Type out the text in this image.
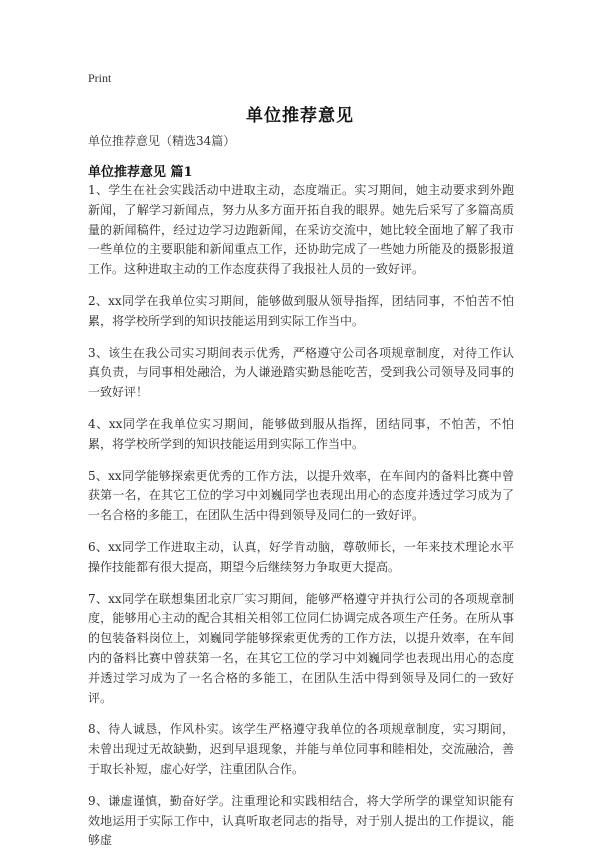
Print
单位推荐意见
单位推荐意见（精选34篇）
单位推荐意见 篇1

1、学生在社会实践活动中进取主动，态度端正。实习期间，她主动要求到外跑新闻，了解学习新闻点，努力从多方面开拓自我的眼界。她先后采写了多篇高质量的新闻稿件，经过边学习边跑新闻，在采访交流中，她比较全面地了解了我市一些单位的主要职能和新闻重点工作，还协助完成了一些她力所能及的摄影报道工作。这种进取主动的工作态度获得了我报社人员的一致好评。

2、xx同学在我单位实习期间，能够做到服从领导指挥，团结同事，不怕苦不怕累，将学校所学到的知识技能运用到实际工作当中。

3、该生在我公司实习期间表示优秀，严格遵守公司各项规章制度，对待工作认真负责，与同事相处融洽，为人谦逊踏实勤恳能吃苦，受到我公司领导及同事的一致好评！

4、xx同学在我单位实习期间，能够做到服从指挥，团结同事，不怕苦，不怕累，将学校所学到的知识技能运用到实际工作当中。

5、xx同学能够探索更优秀的工作方法，以提升效率，在车间内的备料比赛中曾获第一名，在其它工位的学习中刘巍同学也表现出用心的态度并透过学习成为了一名合格的多能工，在团队生活中得到领导及同仁的一致好评。

6、xx同学工作进取主动，认真，好学肯动脑，尊敬师长，一年来技术理论水平操作技能都有很大提高，期望今后继续努力争取更大提高。

7、xx同学在联想集团北京厂实习期间，能够严格遵守并执行公司的各项规章制度，能够用心主动的配合其相关相邻工位同仁协调完成各项生产任务。在所从事的包装备料岗位上，刘巍同学能够探索更优秀的工作方法，以提升效率，在车间内的备料比赛中曾获第一名，在其它工位的学习中刘巍同学也表现出用心的态度并透过学习成为了一名合格的多能工，在团队生活中得到领导及同仁的一致好评。

8、待人诚恳，作风朴实。该学生严格遵守我单位的各项规章制度，实习期间，未曾出现过无故缺勤，迟到早退现象，并能与单位同事和睦相处，交流融洽，善于取长补短，虚心好学，注重团队合作。

9、谦虚谨慎，勤奋好学。注重理论和实践相结合，将大学所学的课堂知识能有效地运用于实际工作中，认真听取老同志的指导，对于别人提出的工作提议，能够虚
